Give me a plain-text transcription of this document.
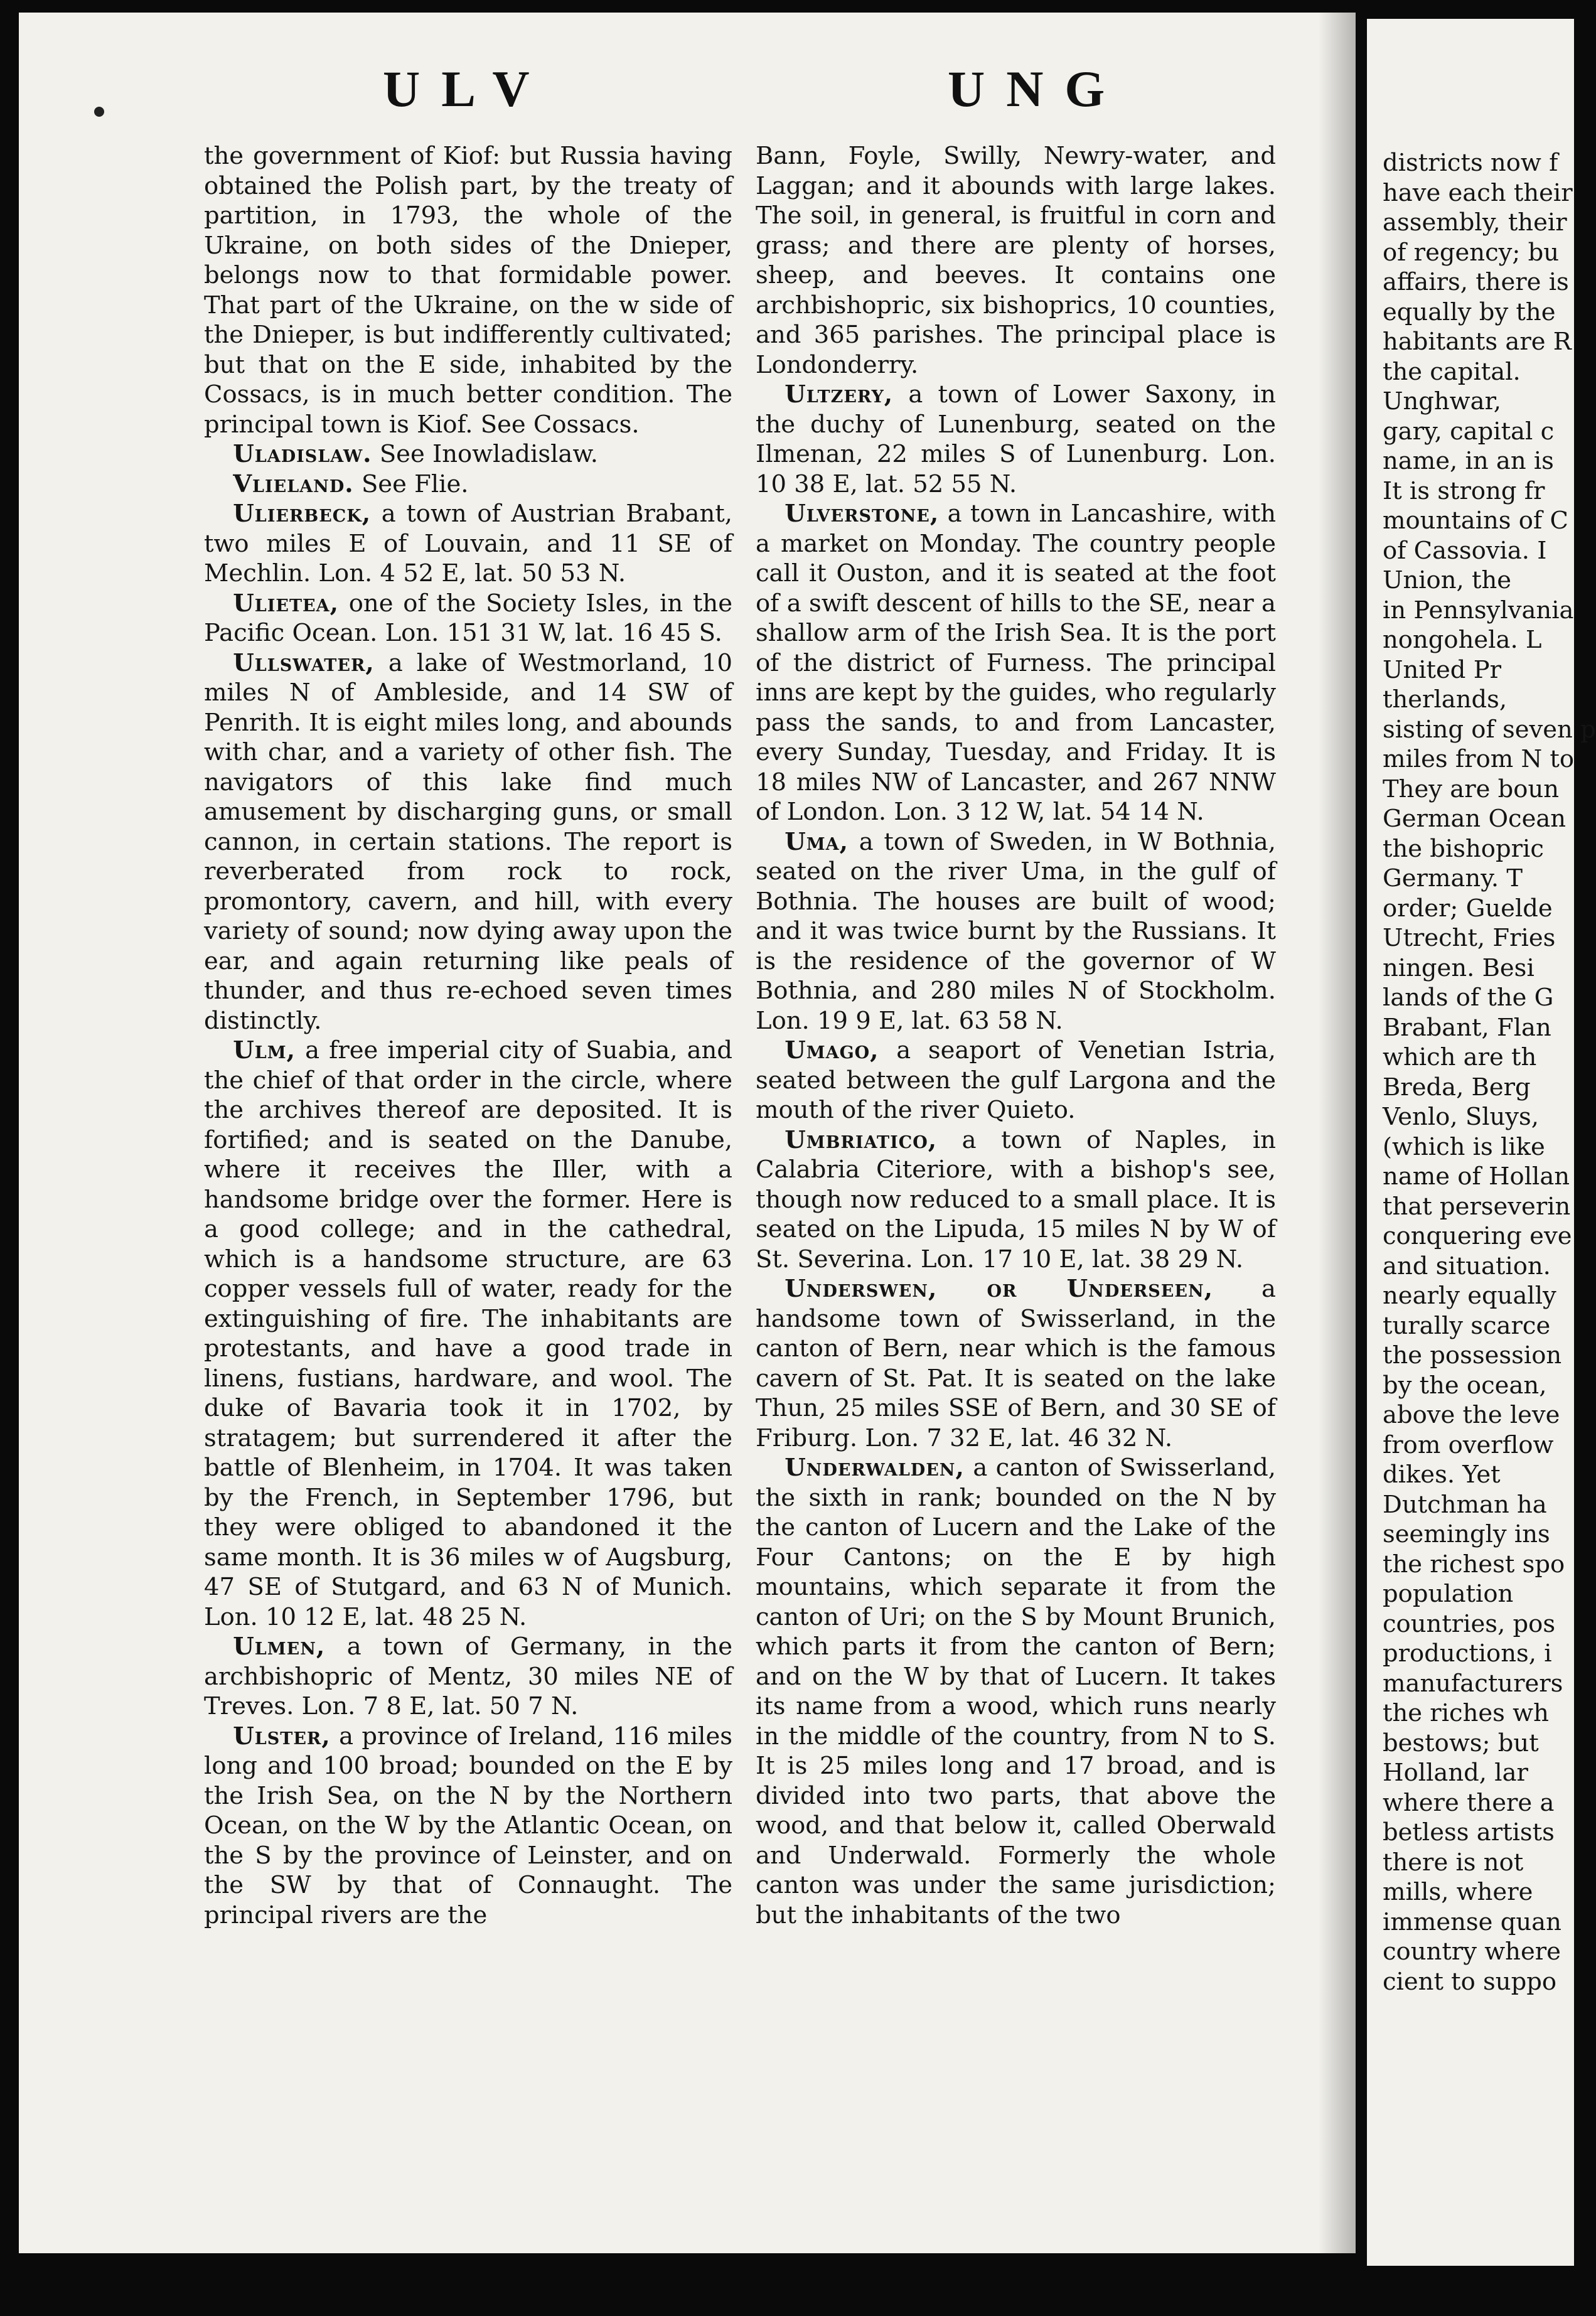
ULV	UNG

the government of Kiof: but Russia having obtained the Polish part, by the treaty of partition, in 1793, the whole of the Ukraine, on both sides of the Dnieper, belongs now to that formidable power. That part of the Ukraine, on the w side of the Dnieper, is but indifferently cultivated; but that on the E side, inhabited by the Cossacs, is in much better condition. The principal town is Kiof. See Cossacs.

Uladislaw. See Inowladislaw.

Vlieland. See Flie.

Ulierbeck, a town of Austrian Brabant, two miles E of Louvain, and 11 SE of Mechlin. Lon. 4 52 E, lat. 50 53 N.

Ulietea, one of the Society Isles, in the Pacific Ocean. Lon. 151 31 W, lat. 16 45 S.

Ullswater, a lake of Westmorland, 10 miles N of Ambleside, and 14 SW of Penrith. It is eight miles long, and abounds with char, and a variety of other fish. The navigators of this lake find much amusement by discharging guns, or small cannon, in certain stations. The report is reverberated from rock to rock, promontory, cavern, and hill, with every variety of sound; now dying away upon the ear, and again returning like peals of thunder, and thus re-echoed seven times distinctly.

Ulm, a free imperial city of Suabia, and the chief of that order in the circle, where the archives thereof are deposited. It is fortified; and is seated on the Danube, where it receives the Iller, with a handsome bridge over the former. Here is a good college; and in the cathedral, which is a handsome structure, are 63 copper vessels full of water, ready for the extinguishing of fire. The inhabitants are protestants, and have a good trade in linens, fustians, hardware, and wool. The duke of Bavaria took it in 1702, by stratagem; but surrendered it after the battle of Blenheim, in 1704. It was taken by the French, in September 1796, but they were obliged to abandoned it the same month. It is 36 miles w of Augsburg, 47 SE of Stutgard, and 63 N of Munich. Lon. 10 12 E, lat. 48 25 N.

Ulmen, a town of Germany, in the archbishopric of Mentz, 30 miles NE of Treves. Lon. 7 8 E, lat. 50 7 N.

Ulster, a province of Ireland, 116 miles long and 100 broad; bounded on the E by the Irish Sea, on the N by the Northern Ocean, on the W by the Atlantic Ocean, on the S by the province of Leinster, and on the SW by that of Connaught. The principal rivers are the

Bann, Foyle, Swilly, Newry-water, and Laggan; and it abounds with large lakes. The soil, in general, is fruitful in corn and grass; and there are plenty of horses, sheep, and beeves. It contains one archbishopric, six bishoprics, 10 counties, and 365 parishes. The principal place is Londonderry.

Ultzery, a town of Lower Saxony, in the duchy of Lunenburg, seated on the Ilmenan, 22 miles S of Lunenburg. Lon. 10 38 E, lat. 52 55 N.

Ulverstone, a town in Lancashire, with a market on Monday. The country people call it Ouston, and it is seated at the foot of a swift descent of hills to the SE, near a shallow arm of the Irish Sea. It is the port of the district of Furness. The principal inns are kept by the guides, who regularly pass the sands, to and from Lancaster, every Sunday, Tuesday, and Friday. It is 18 miles NW of Lancaster, and 267 NNW of London. Lon. 3 12 W, lat. 54 14 N.

Uma, a town of Sweden, in W Bothnia, seated on the river Uma, in the gulf of Bothnia. The houses are built of wood; and it was twice burnt by the Russians. It is the residence of the governor of W Bothnia, and 280 miles N of Stockholm. Lon. 19 9 E, lat. 63 58 N.

Umago, a seaport of Venetian Istria, seated between the gulf Largona and the mouth of the river Quieto.

Umbriatico, a town of Naples, in Calabria Citeriore, with a bishop's see, though now reduced to a small place. It is seated on the Lipuda, 15 miles N by W of St. Severina. Lon. 17 10 E, lat. 38 29 N.

Underswen, or Underseen, a handsome town of Swisserland, in the canton of Bern, near which is the famous cavern of St. Pat. It is seated on the lake Thun, 25 miles SSE of Bern, and 30 SE of Friburg. Lon. 7 32 E, lat. 46 32 N.

Underwalden, a canton of Swisserland, the sixth in rank; bounded on the N by the canton of Lucern and the Lake of the Four Cantons; on the E by high mountains, which separate it from the canton of Uri; on the S by Mount Brunich, which parts it from the canton of Bern; and on the W by that of Lucern. It takes its name from a wood, which runs nearly in the middle of the country, from N to S. It is 25 miles long and 17 broad, and is divided into two parts, that above the wood, and that below it, called Oberwald and Underwald. Formerly the whole canton was under the same jurisdiction; but the inhabitants of the two

districts now f
have each their
assembly, their
of regency; bu
affairs, there is
equally by the
habitants are R
the capital.
Unghwar,
gary, capital c
name, in an is
It is strong fr
mountains of C
of Cassovia. I
Union, the
in Pennsylvania
nongohela. L
United Pr
therlands,
sisting of seven p
miles from N to
They are boun
German Ocean
the bishopric
Germany. T
order; Guelde
Utrecht, Fries
ningen. Besi
lands of the G
Brabant, Flan
which are th
Breda, Berg
Venlo, Sluys,
(which is like
name of Hollan
that perseverin
conquering eve
and situation.
nearly equally
turally scarce
the possession
by the ocean,
above the leve
from overflow
dikes. Yet
Dutchman ha
seemingly ins
the richest spo
population
countries, pos
productions, i
manufacturers
the riches wh
bestows; but
Holland, lar
where there a
betless artists
there is not
mills, where
immense quan
country where
cient to suppo
